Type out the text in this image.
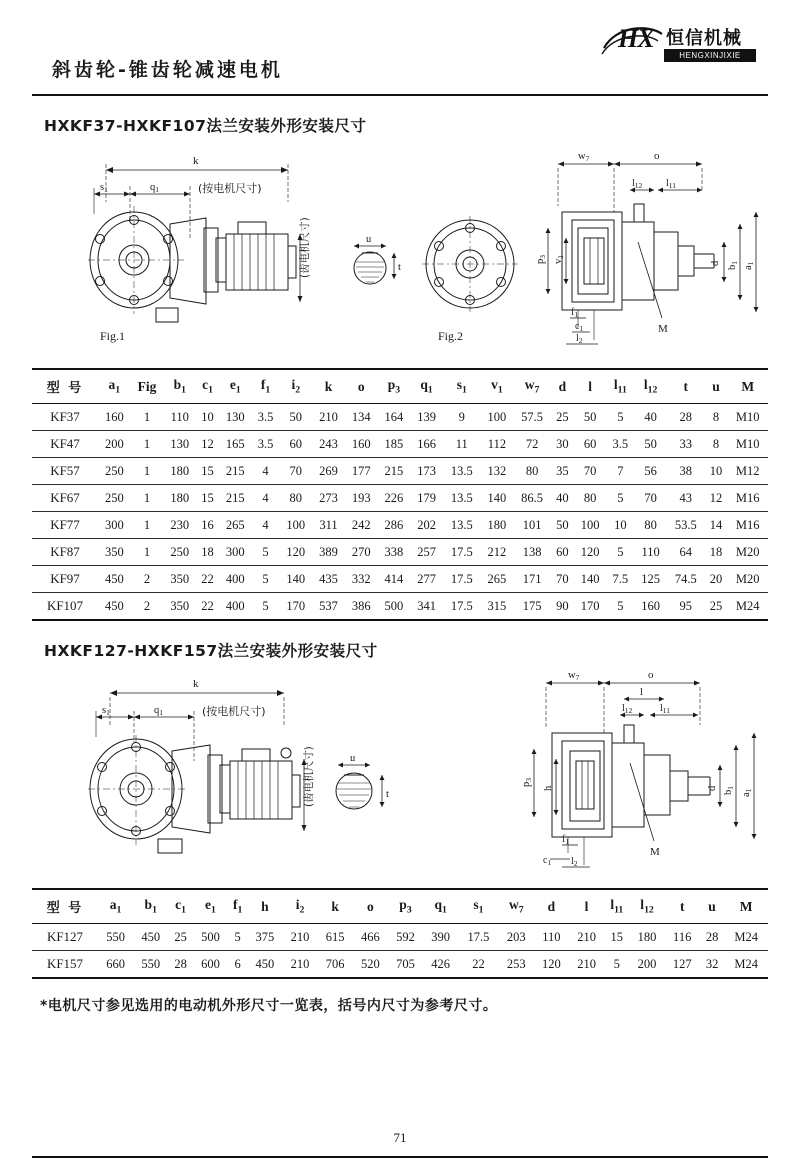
斜齿轮-锥齿轮减速电机
HX 恒信机械
HENGXINJIXIE
HXKF37-HXKF107法兰安装外形安装尺寸
k
s1	q1	(按电机尺寸)
(齿电机尺寸)
Fig.1
u
t
Fig.2
w7	o
$l_{12}$ $l_{11}$
d
b1
a1
p3
v1
$f_1$
$c_1$
$l_2$
M
型 号	$a_1$	Fig	$b_1$	$c_1$	$e_1$	$f_1$	$i_2$	k	o	$p_3$	$q_1$	$s_1$	$v_1$	$w_7$	d	l	$l_{11}$	$l_{12}$	t	u	M
KF37	160	1	110	10	130	3.5	50	210	134	164	139	9	100	57.5	25	50	5	40	28	8	M10
KF47	200	1	130	12	165	3.5	60	243	160	185	166	11	112	72	30	60	3.5	50	33	8	M10
KF57	250	1	180	15	215	4	70	269	177	215	173	13.5	132	80	35	70	7	56	38	10	M12
KF67	250	1	180	15	215	4	80	273	193	226	179	13.5	140	86.5	40	80	5	70	43	12	M16
KF77	300	1	230	16	265	4	100	311	242	286	202	13.5	180	101	50	100	10	80	53.5	14	M16
KF87	350	1	250	18	300	5	120	389	270	338	257	17.5	212	138	60	120	5	110	64	18	M20
KF97	450	2	350	22	400	5	140	435	332	414	277	17.5	265	171	70	140	7.5	125	74.5	20	M20
KF107	450	2	350	22	400	5	170	537	386	500	341	17.5	315	175	90	170	5	160	95	25	M24
HXKF127-HXKF157法兰安装外形安装尺寸
k
s1	q1	(按电机尺寸)
(齿电机尺寸)	u
t
w7	o
l
$l_{12}$	$l_{11}$
d
b1
a1
p3
h
$f_1$
$c_1$ $l_2$
M
型 号	$a_1$	$b_1$	$c_1$	$e_1$	$f_1$	h	$i_2$	k	o	$p_3$	$q_1$	$s_1$	$w_7$	d	l	$l_{11}$	$l_{12}$	t	u	M
KF127	550	450	25	500	5	375	210	615	466	592	390	17.5	203	110	210	15	180	116	28	M24
KF157	660	550	28	600	6	450	210	706	520	705	426	22	253	120	210	5	200	127	32	M24
*电机尺寸参见选用的电动机外形尺寸一览表，括号内尺寸为参考尺寸。
71
